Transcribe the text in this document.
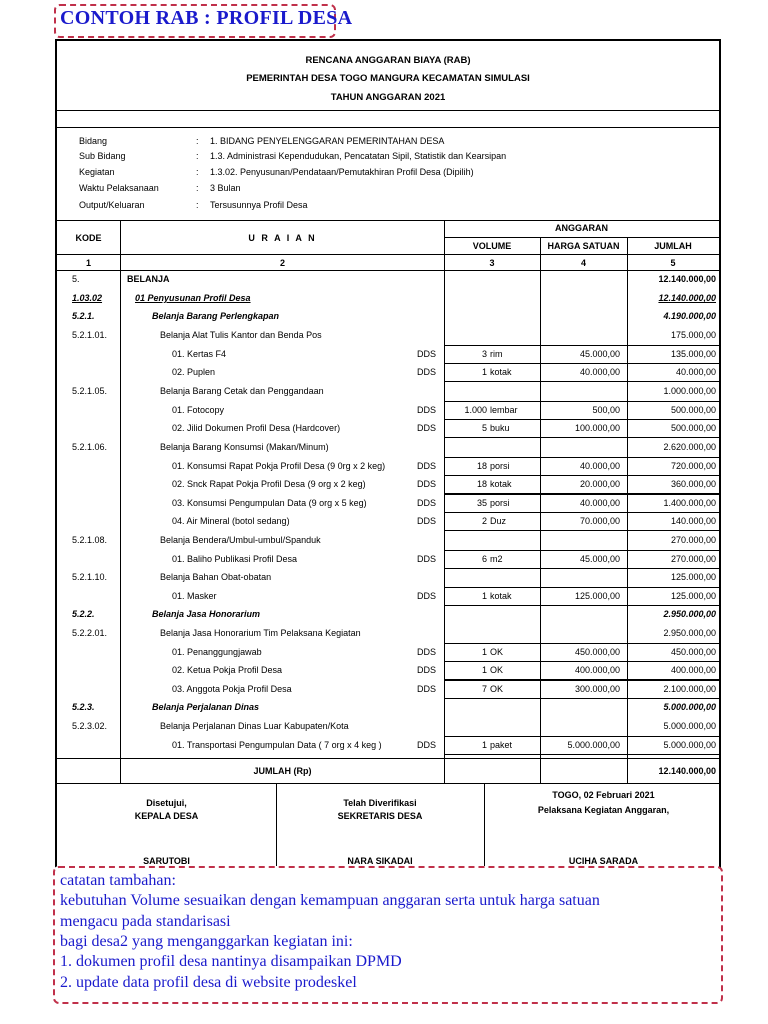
CONTOH RAB : PROFIL DESA
RENCANA ANGGARAN BIAYA (RAB)
PEMERINTAH DESA TOGO MANGURA KECAMATAN SIMULASI
TAHUN ANGGARAN 2021
Bidang	: 1. BIDANG PENYELENGGARAN PEMERINTAHAN DESA
Sub Bidang	: 1.3. Administrasi Kependudukan, Pencatatan Sipil, Statistik dan Kearsipan
Kegiatan	: 1.3.02. Penyusunan/Pendataan/Pemutakhiran Profil Desa (Dipilih)
Waktu Pelaksanaan	: 3 Bulan
Output/Keluaran	: Tersusunnya Profil Desa
KODE	U R A I A N
ANGGARAN
VOLUME	HARGA SATUAN	JUMLAH
1	2	3	4	5
5.	BELANJA	12.140.000,00
1.03.02	01 Penyusunan Profil Desa	12.140.000,00
5.2.1.	Belanja Barang Perlengkapan	4.190.000,00
5.2.1.01.	Belanja Alat Tulis Kantor dan Benda Pos	175.000,00
01. Kertas F4	DDS	3 rim	45.000,00	135.000,00
02. Puplen	DDS	1 kotak	40.000,00	40.000,00
5.2.1.05.	Belanja Barang Cetak dan Penggandaan	1.000.000,00
01. Fotocopy	DDS	1.000 lembar	500,00	500.000,00
02. Jilid Dokumen Profil Desa (Hardcover)	DDS	5 buku	100.000,00	500.000,00
5.2.1.06.	Belanja Barang Konsumsi (Makan/Minum)	2.620.000,00
01. Konsumsi Rapat Pokja Profil Desa (9 0rg x 2 keg)	DDS	18 porsi	40.000,00	720.000,00
02. Snck Rapat Pokja Profil Desa (9 org x 2 keg)	DDS	18 kotak	20.000,00	360.000,00
03. Konsumsi Pengumpulan Data (9 org x 5 keg)	DDS	35 porsi	40.000,00	1.400.000,00
04. Air Mineral (botol sedang)	DDS	2 Duz	70.000,00	140.000,00
5.2.1.08.	Belanja Bendera/Umbul-umbul/Spanduk	270.000,00
01. Baliho Publikasi Profil Desa	DDS	6 m2	45.000,00	270.000,00
5.2.1.10.	Belanja Bahan Obat-obatan	125.000,00
01. Masker	DDS	1 kotak	125.000,00	125.000,00
5.2.2.	Belanja Jasa Honorarium	2.950.000,00
5.2.2.01.	Belanja Jasa Honorarium Tim Pelaksana Kegiatan	2.950.000,00
01. Penanggungjawab	DDS	1 OK	450.000,00	450.000,00
02. Ketua Pokja Profil Desa	DDS	1 OK	400.000,00	400.000,00
03. Anggota Pokja Profil Desa	DDS	7 OK	300.000,00	2.100.000,00
5.2.3.	Belanja Perjalanan Dinas	5.000.000,00
5.2.3.02.	Belanja Perjalanan Dinas Luar Kabupaten/Kota	5.000.000,00
01. Transportasi Pengumpulan Data ( 7 org x 4 keg )	DDS	1 paket	5.000.000,00	5.000.000,00
JUMLAH (Rp)	12.140.000,00
Disetujui,
KEPALA DESA
SARUTOBI
Telah Diverifikasi
SEKRETARIS DESA
NARA SIKADAI
TOGO, 02 Februari 2021
Pelaksana Kegiatan Anggaran,
UCIHA SARADA
catatan tambahan:
kebutuhan Volume sesuaikan dengan kemampuan anggaran serta untuk harga satuan
mengacu pada standarisasi
bagi desa2 yang menganggarkan kegiatan ini:
1. dokumen profil desa nantinya disampaikan DPMD
2. update data profil desa di website prodeskel
